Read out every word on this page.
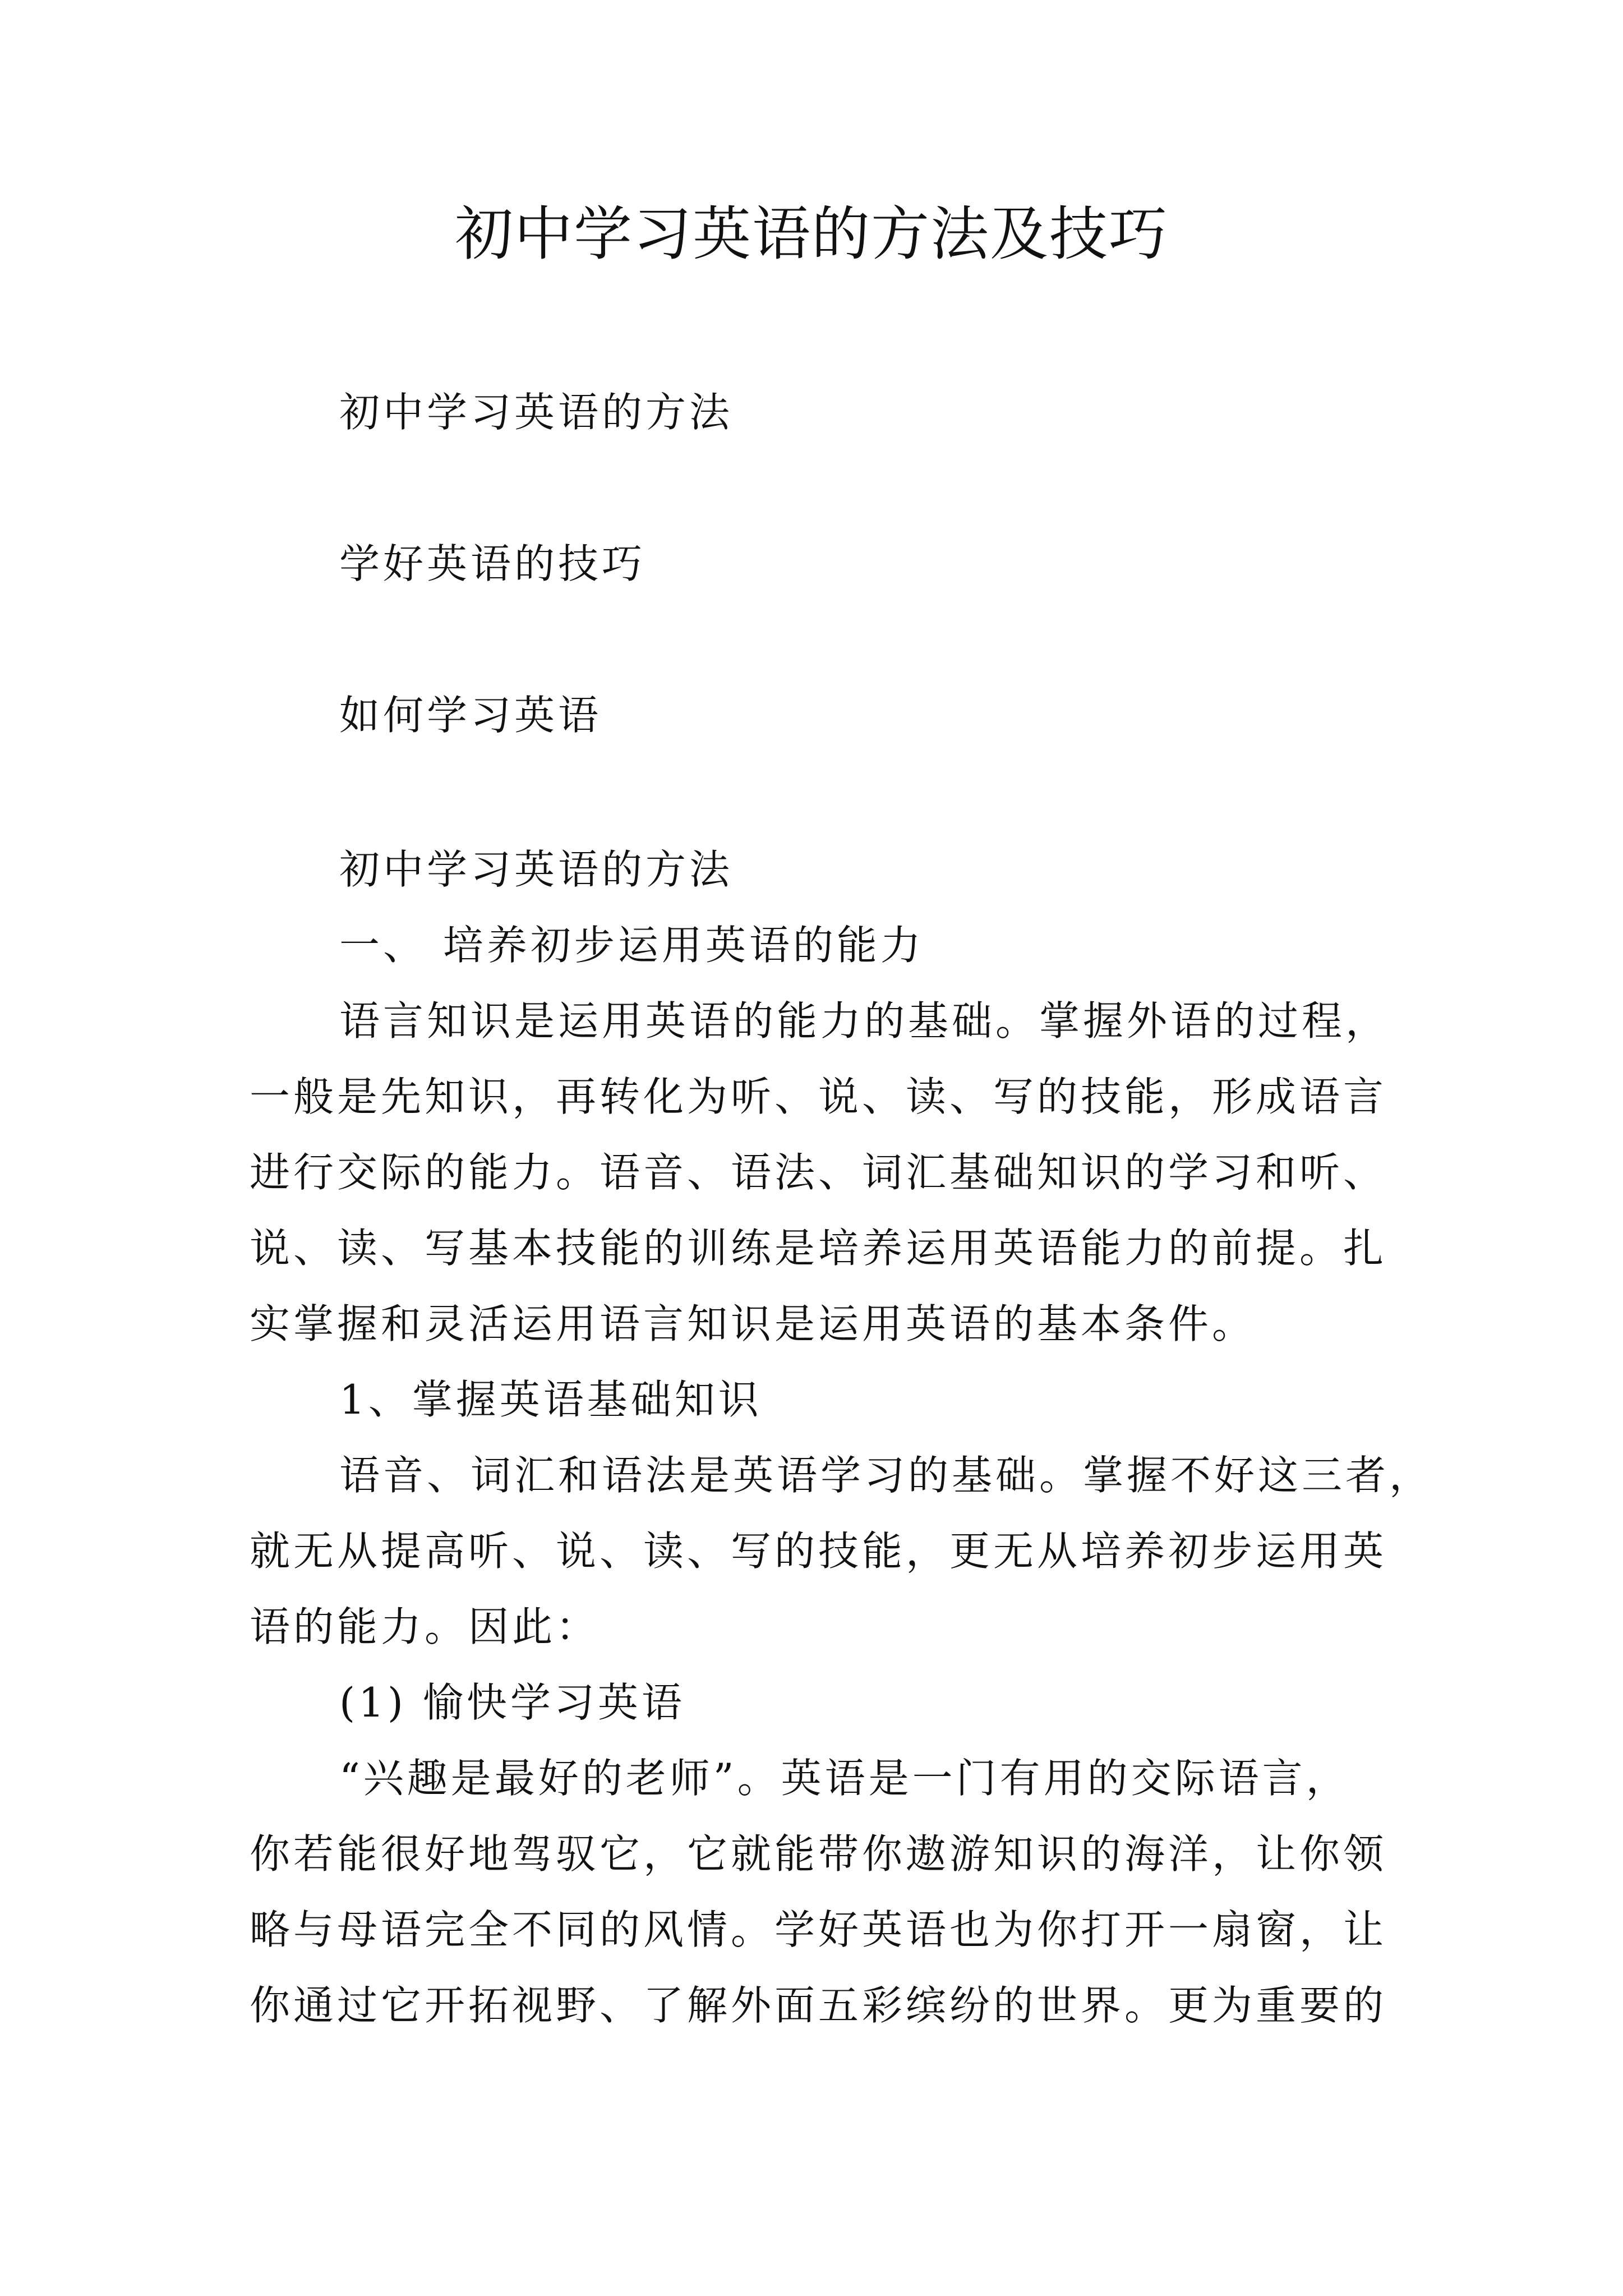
初中学习英语的方法及技巧

初中学习英语的方法

学好英语的技巧

如何学习英语

初中学习英语的方法

一、 培养初步运用英语的能力

语言知识是运用英语的能力的基础。掌握外语的过程，

一般是先知识，再转化为听、说、读、写的技能，形成语言

进行交际的能力。语音、语法、词汇基础知识的学习和听、

说、读、写基本技能的训练是培养运用英语能力的前提。扎

实掌握和灵活运用语言知识是运用英语的基本条件。

1、掌握英语基础知识

语音、词汇和语法是英语学习的基础。掌握不好这三者，

就无从提高听、说、读、写的技能，更无从培养初步运用英

语的能力。因此：

(1) 愉快学习英语

“兴趣是最好的老师”。英语是一门有用的交际语言，

你若能很好地驾驭它，它就能带你遨游知识的海洋，让你领

略与母语完全不同的风情。学好英语也为你打开一扇窗，让

你通过它开拓视野、了解外面五彩缤纷的世界。更为重要的
